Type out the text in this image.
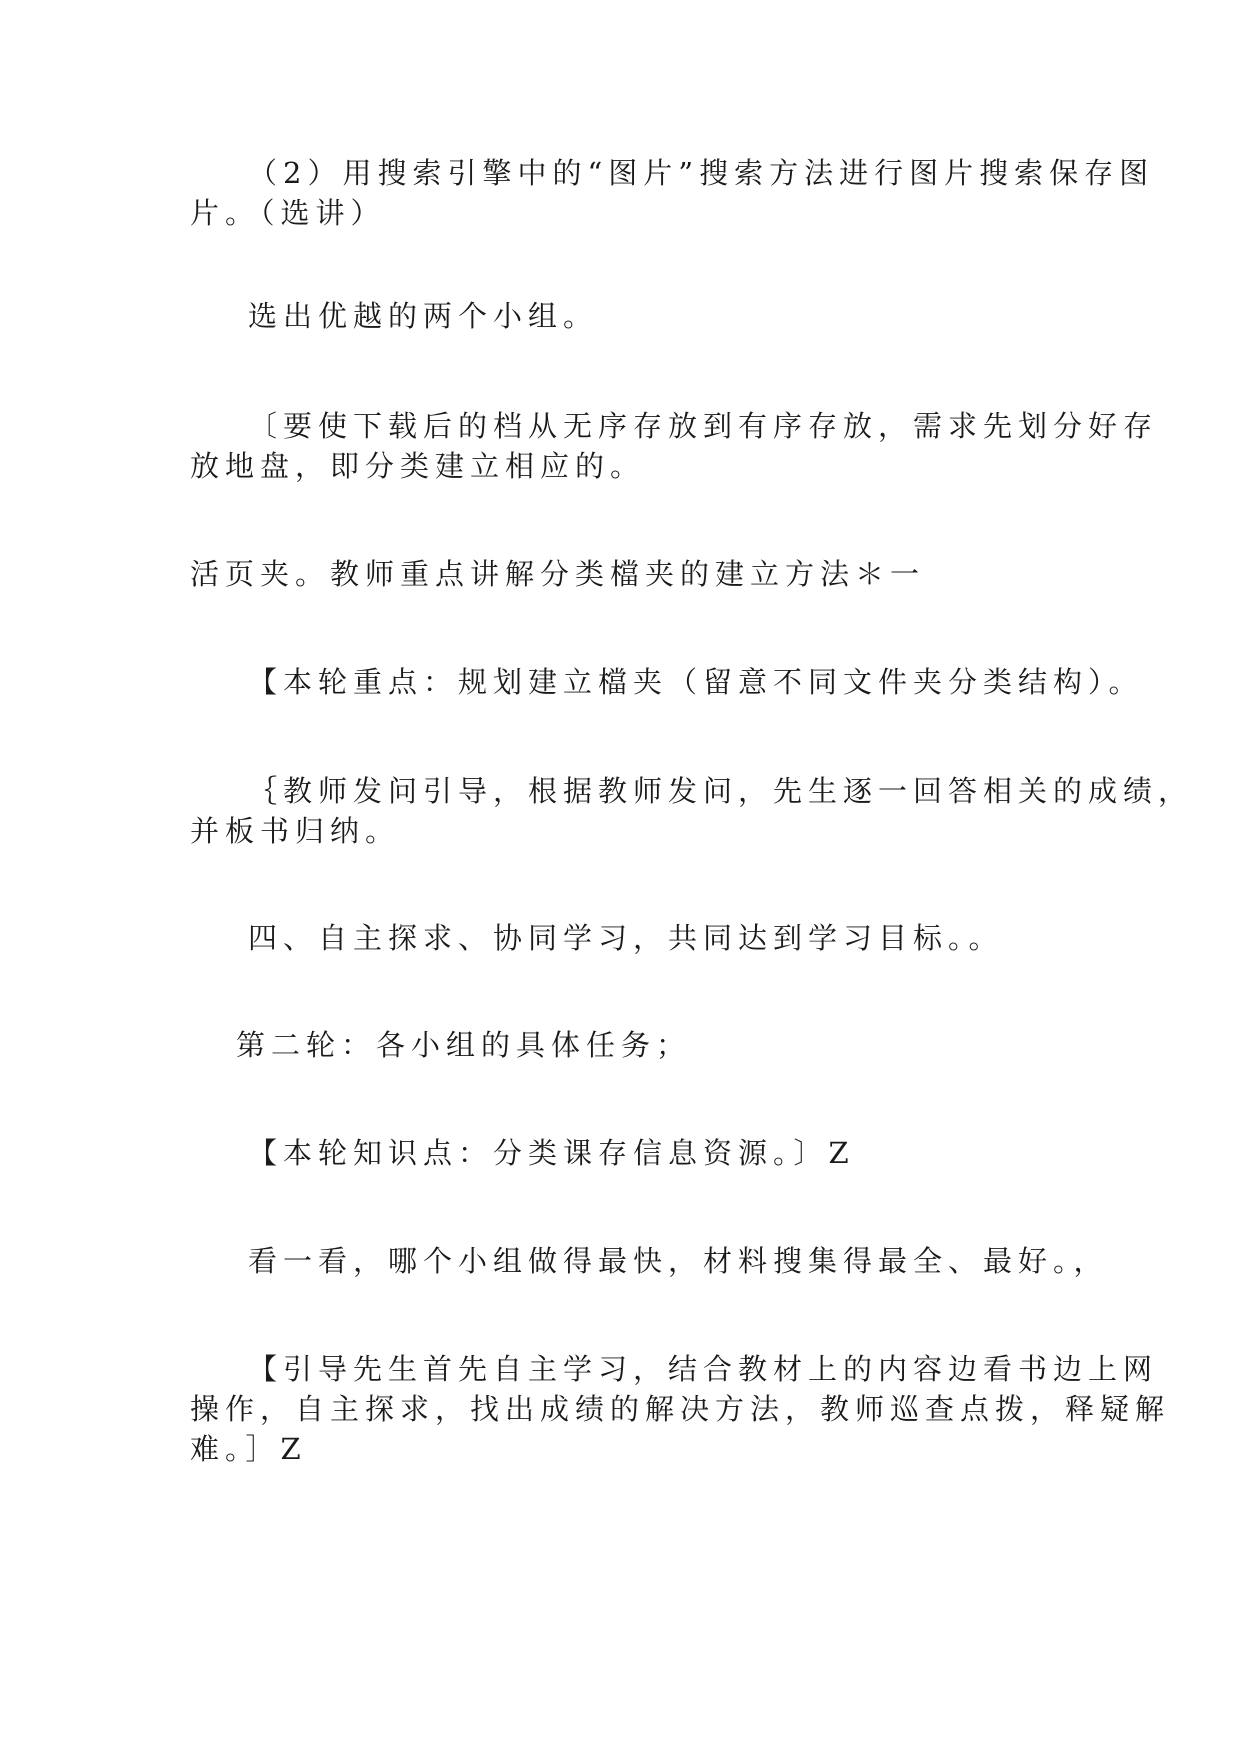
（2）用搜索引擎中的“图片”搜索方法进行图片搜索保存图
片。（选讲）
选出优越的两个小组。
〔要使下载后的档从无序存放到有序存放，需求先划分好存
放地盘，即分类建立相应的。
活页夹。教师重点讲解分类檔夹的建立方法＊一
【本轮重点：规划建立檔夹（留意不同文件夹分类结构）。
｛教师发问引导，根据教师发问，先生逐一回答相关的成绩，
并板书归纳。
四、自主探求、协同学习，共同达到学习目标。。
第二轮：各小组的具体任务；
【本轮知识点：分类课存信息资源。〕Z
看一看，哪个小组做得最快，材料搜集得最全、最好。，
【引导先生首先自主学习，结合教材上的内容边看书边上网
操作，自主探求，找出成绩的解决方法，教师巡查点拨，释疑解
难。］Z
